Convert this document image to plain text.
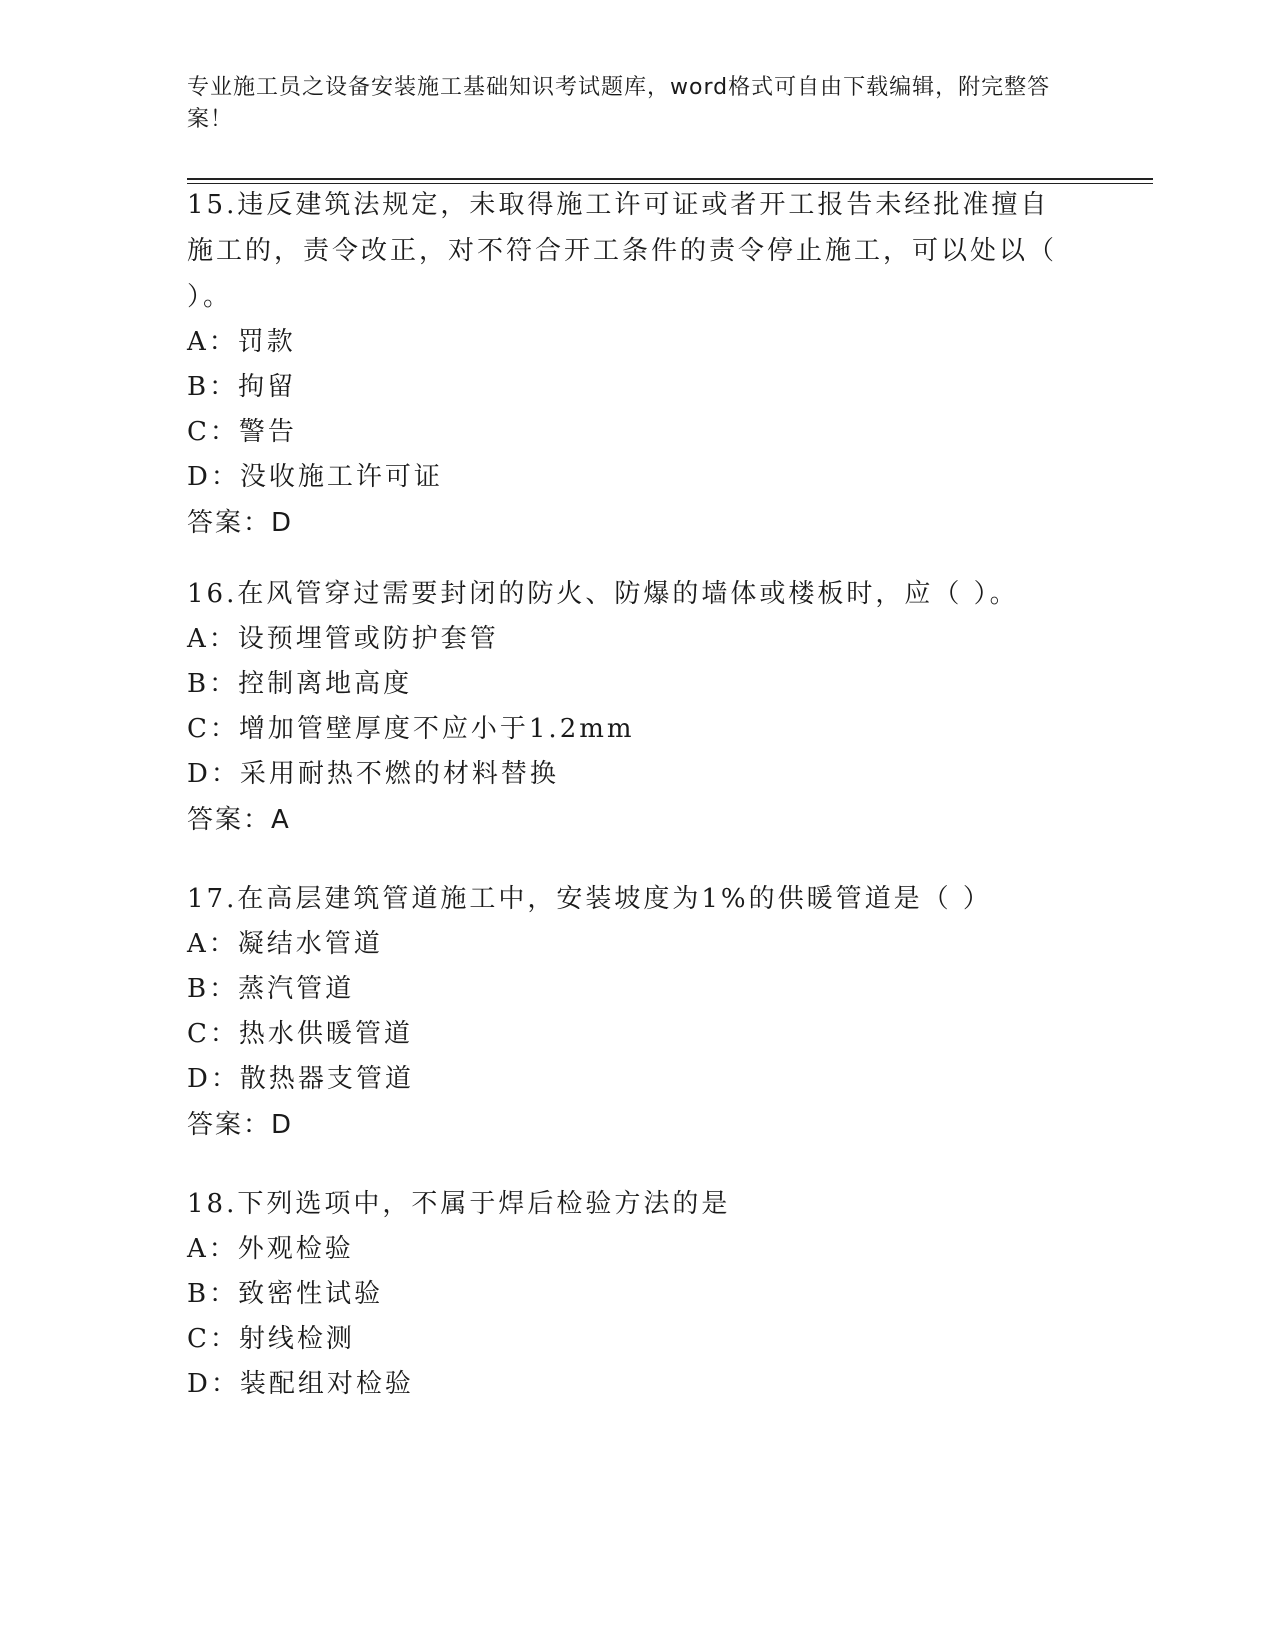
专业施工员之设备安装施工基础知识考试题库，word格式可自由下载编辑，附完整答案！

15.违反建筑法规定，未取得施工许可证或者开工报告未经批准擅自施工的，责令改正，对不符合开工条件的责令停止施工，可以处以（ ）。

A：罚款
B：拘留
C：警告
D：没收施工许可证
答案：D

16.在风管穿过需要封闭的防火、防爆的墙体或楼板时，应（ ）。

A：设预埋管或防护套管
B：控制离地高度
C：增加管壁厚度不应小于1.2mm
D：采用耐热不燃的材料替换
答案：A

17.在高层建筑管道施工中，安装坡度为1%的供暖管道是（ ）

A：凝结水管道
B：蒸汽管道
C：热水供暖管道
D：散热器支管道
答案：D

18.下列选项中，不属于焊后检验方法的是

A：外观检验
B：致密性试验
C：射线检测
D：装配组对检验
